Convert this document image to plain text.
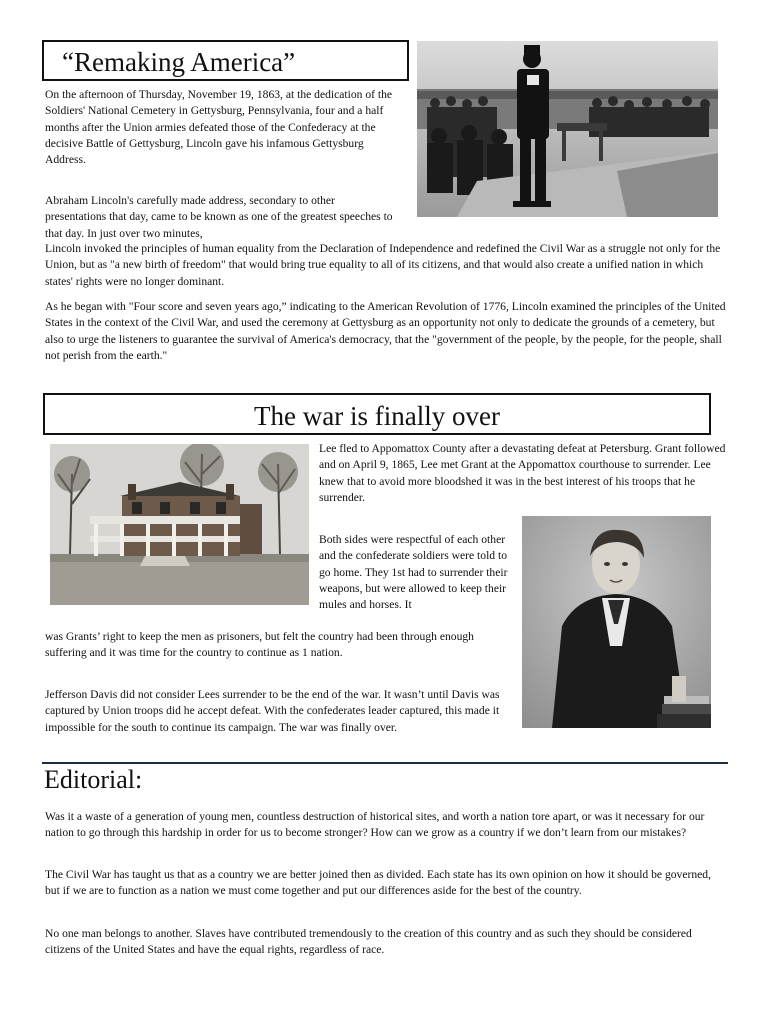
“Remaking America”
On the afternoon of Thursday, November 19, 1863, at the dedication of the Soldiers' National Cemetery in Gettysburg, Pennsylvania, four and a half months after the Union armies defeated those of the Confederacy at the decisive Battle of Gettysburg, Lincoln gave his infamous Gettysburg Address.
Abraham Lincoln's carefully made address, secondary to other presentations that day, came to be known as one of the greatest speeches to that day. In just over two minutes,
Lincoln invoked the principles of human equality from the Declaration of Independence and redefined the Civil War as a struggle not only for the Union, but as "a new birth of freedom" that would bring true equality to all of its citizens, and that would also create a unified nation in which states' rights were no longer dominant.
As he began with "Four score and seven years ago,” indicating to the American Revolution of 1776, Lincoln examined the principles of the United States in the context of the Civil War, and used the ceremony at Gettysburg as an opportunity not only to dedicate the grounds of a cemetery, but also to urge the listeners to guarantee the survival of America's democracy, that the "government of the people, by the people, for the people, shall not perish from the earth."
The war is finally over
Lee fled to Appomattox County after a devastating defeat at Petersburg. Grant followed and on April 9, 1865, Lee met Grant at the Appomattox courthouse to surrender. Lee knew that to avoid more bloodshed it was in the best interest of his troops that he surrender.
Both sides were respectful of each other and the confederate soldiers were told to go home. They 1st had to surrender their weapons, but were allowed to keep their mules and horses. It
was Grants’ right to keep the men as prisoners, but felt the country had been through enough suffering and it was time for the country to continue as 1 nation.
Jefferson Davis did not consider Lees surrender to be the end of the war. It wasn’t until Davis was captured by Union troops did he accept defeat. With the confederates leader captured, this made it impossible for the south to continue its campaign. The war was finally over.
Editorial:
Was it a waste of a generation of young men, countless destruction of historical sites, and worth a nation tore apart, or was it necessary for our nation to go through this hardship in order for us to become stronger? How can we grow as a country if we don’t learn from our mistakes?
The Civil War has taught us that as a country we are better joined then as divided. Each state has its own opinion on how it should be governed, but if we are to function as a nation we must come together and put our differences aside for the best of the country.
No one man belongs to another. Slaves have contributed tremendously to the creation of this country and as such they should be considered citizens of the United States and have the equal rights, regardless of race.
